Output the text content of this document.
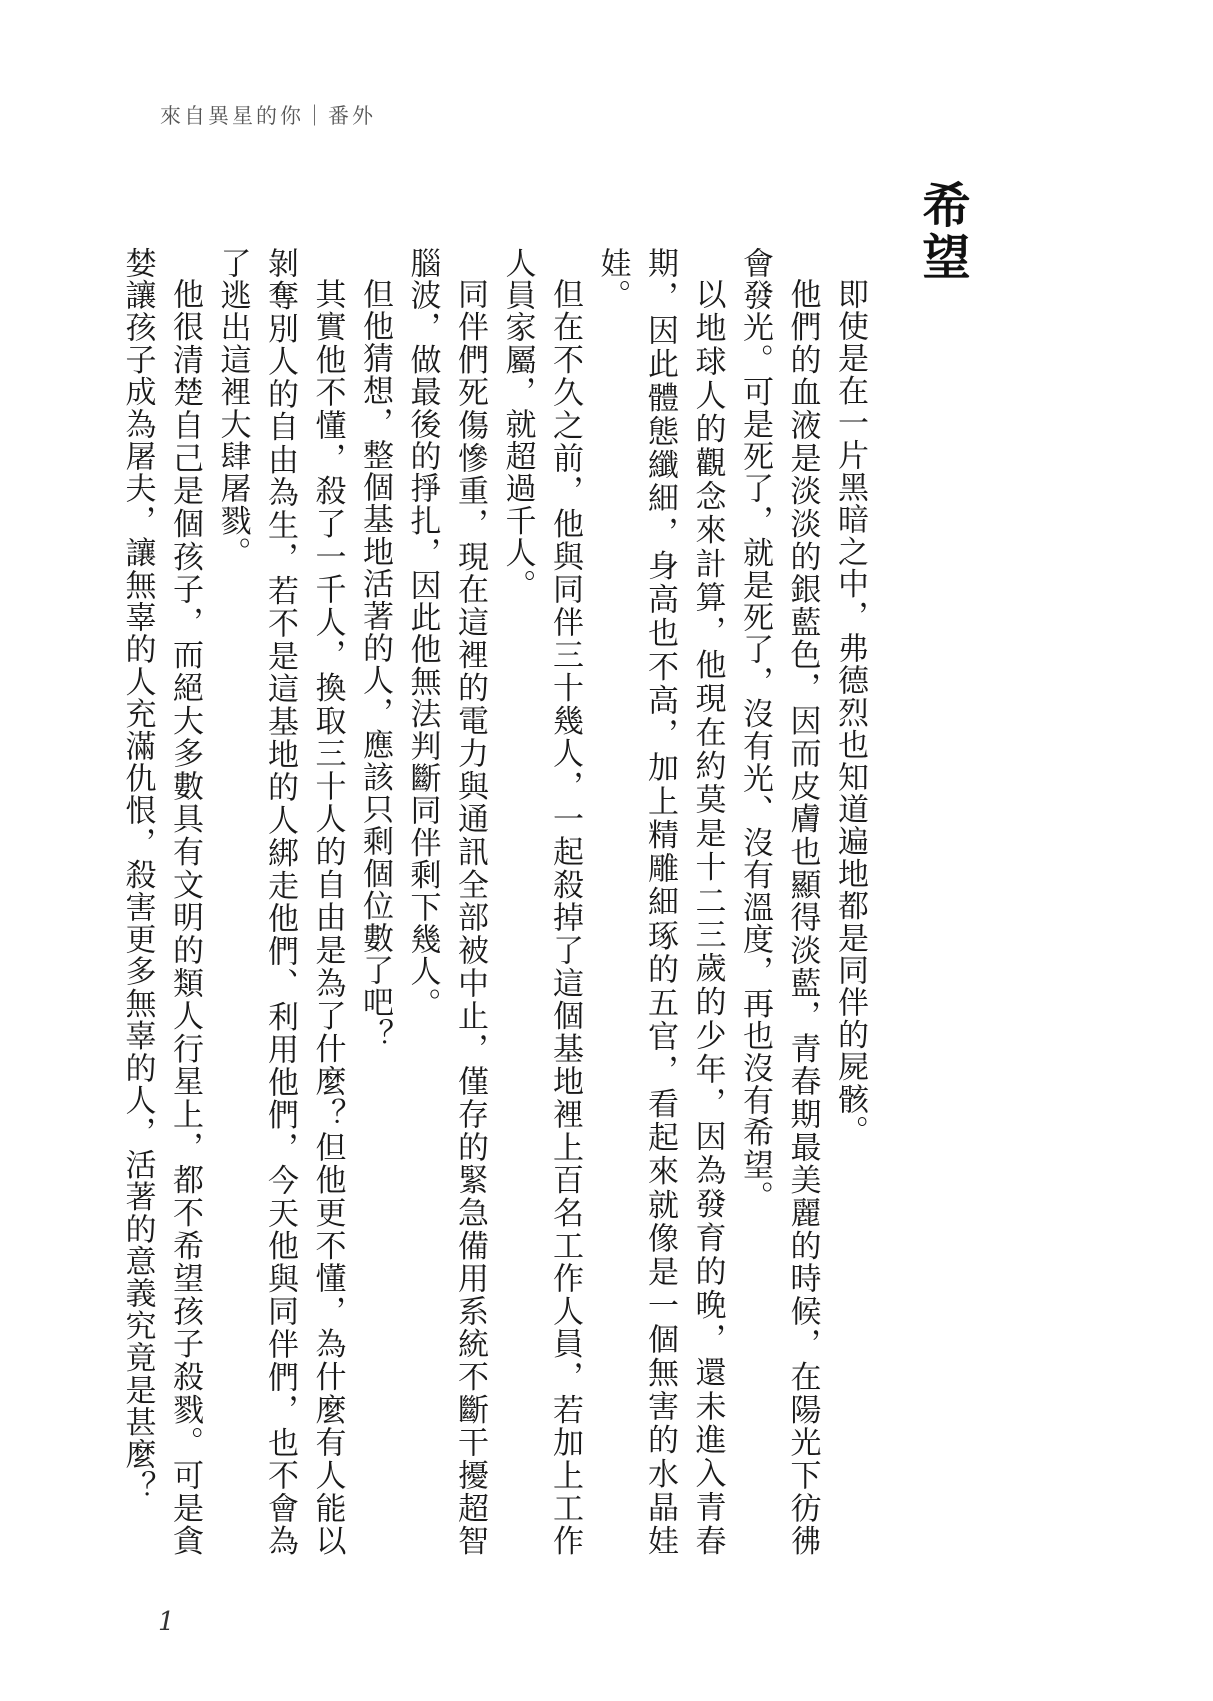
來自異星的你｜番外
希望

即使是在一片黑暗之中，弗德烈也知道遍地都是同伴的屍骸。

他們的血液是淡淡的銀藍色，因而皮膚也顯得淡藍，青春期最美麗的時候，在陽光下彷彿會發光。可是死了，就是死了，沒有光、沒有溫度，再也沒有希望。

以地球人的觀念來計算，他現在約莫是十二三歲的少年，因為發育的晚，還未進入青春期，因此體態纖細，身高也不高，加上精雕細琢的五官，看起來就像是一個無害的水晶娃娃。

但在不久之前，他與同伴三十幾人，一起殺掉了這個基地裡上百名工作人員，若加上工作人員家屬，就超過千人。

同伴們死傷慘重，現在這裡的電力與通訊全部被中止，僅存的緊急備用系統不斷干擾超智腦波，做最後的掙扎，因此他無法判斷同伴剩下幾人。

但他猜想，整個基地活著的人，應該只剩個位數了吧？

其實他不懂，殺了一千人，換取三十人的自由是為了什麼？但他更不懂，為什麼有人能以剝奪別人的自由為生，若不是這基地的人綁走他們、利用他們，今天他與同伴們，也不會為了逃出這裡大肆屠戮。

他很清楚自己是個孩子，而絕大多數具有文明的類人行星上，都不希望孩子殺戮。可是貪婪讓孩子成為屠夫，讓無辜的人充滿仇恨，殺害更多無辜的人，活著的意義究竟是甚麼？

1
